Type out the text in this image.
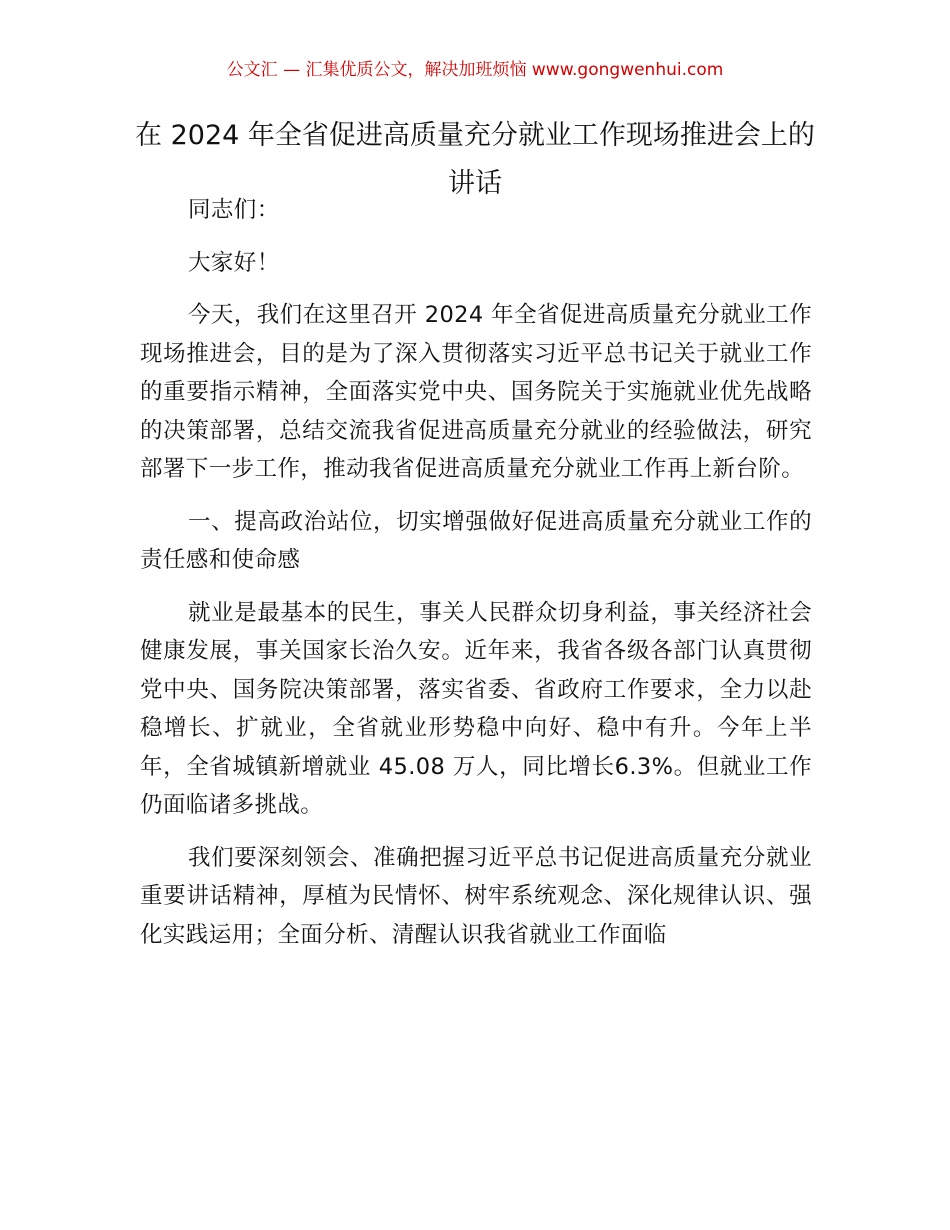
公文汇 — 汇集优质公文，解决加班烦恼 www.gongwenhui.com
在 2024 年全省促进高质量充分就业工作现场推进会上的讲话

同志们：

大家好！

今天，我们在这里召开 2024 年全省促进高质量充分就业工作现场推进会，目的是为了深入贯彻落实习近平总书记关于就业工作的重要指示精神，全面落实党中央、国务院关于实施就业优先战略的决策部署，总结交流我省促进高质量充分就业的经验做法，研究部署下一步工作，推动我省促进高质量充分就业工作再上新台阶。

一、提高政治站位，切实增强做好促进高质量充分就业工作的责任感和使命感

就业是最基本的民生，事关人民群众切身利益，事关经济社会健康发展，事关国家长治久安。近年来，我省各级各部门认真贯彻党中央、国务院决策部署，落实省委、省政府工作要求，全力以赴稳增长、扩就业，全省就业形势稳中向好、稳中有升。今年上半年，全省城镇新增就业 45.08 万人，同比增长6.3%。但就业工作仍面临诸多挑战。

我们要深刻领会、准确把握习近平总书记促进高质量充分就业重要讲话精神，厚植为民情怀、树牢系统观念、深化规律认识、强化实践运用；全面分析、清醒认识我省就业工作面临
